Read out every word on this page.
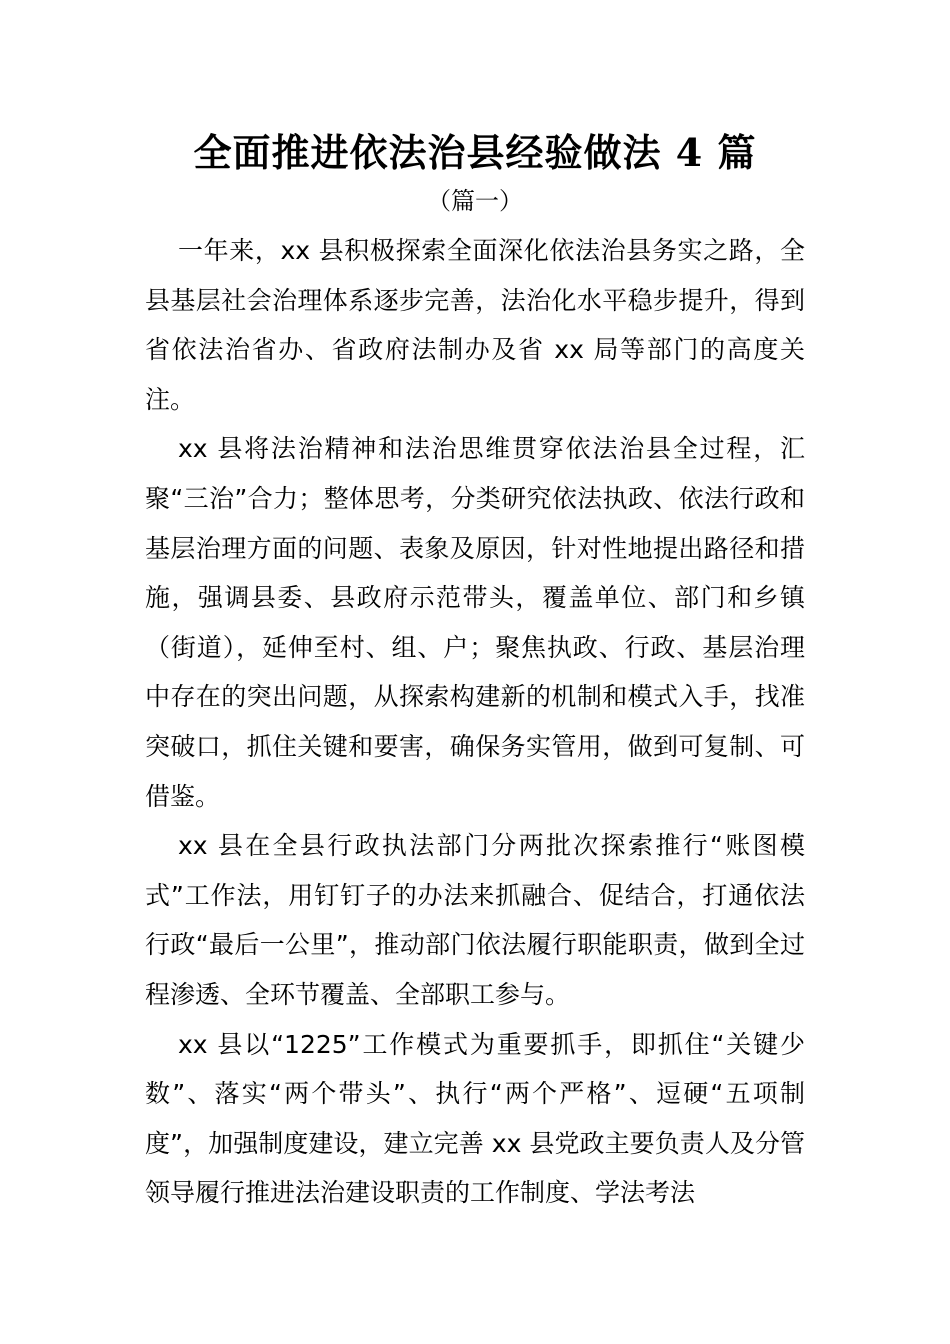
全面推进依法治县经验做法 4 篇
（篇一）

一年来，xx 县积极探索全面深化依法治县务实之路，全县基层社会治理体系逐步完善，法治化水平稳步提升，得到省依法治省办、省政府法制办及省 xx 局等部门的高度关注。

xx 县将法治精神和法治思维贯穿依法治县全过程，汇聚“三治”合力；整体思考，分类研究依法执政、依法行政和基层治理方面的问题、表象及原因，针对性地提出路径和措施，强调县委、县政府示范带头，覆盖单位、部门和乡镇（街道），延伸至村、组、户；聚焦执政、行政、基层治理中存在的突出问题，从探索构建新的机制和模式入手，找准突破口，抓住关键和要害，确保务实管用，做到可复制、可借鉴。

xx 县在全县行政执法部门分两批次探索推行“账图模式”工作法，用钉钉子的办法来抓融合、促结合，打通依法行政“最后一公里”，推动部门依法履行职能职责，做到全过程渗透、全环节覆盖、全部职工参与。

xx 县以“1225”工作模式为重要抓手，即抓住“关键少数”、落实“两个带头”、执行“两个严格”、逗硬“五项制度”，加强制度建设，建立完善 xx 县党政主要负责人及分管领导履行推进法治建设职责的工作制度、学法考法
